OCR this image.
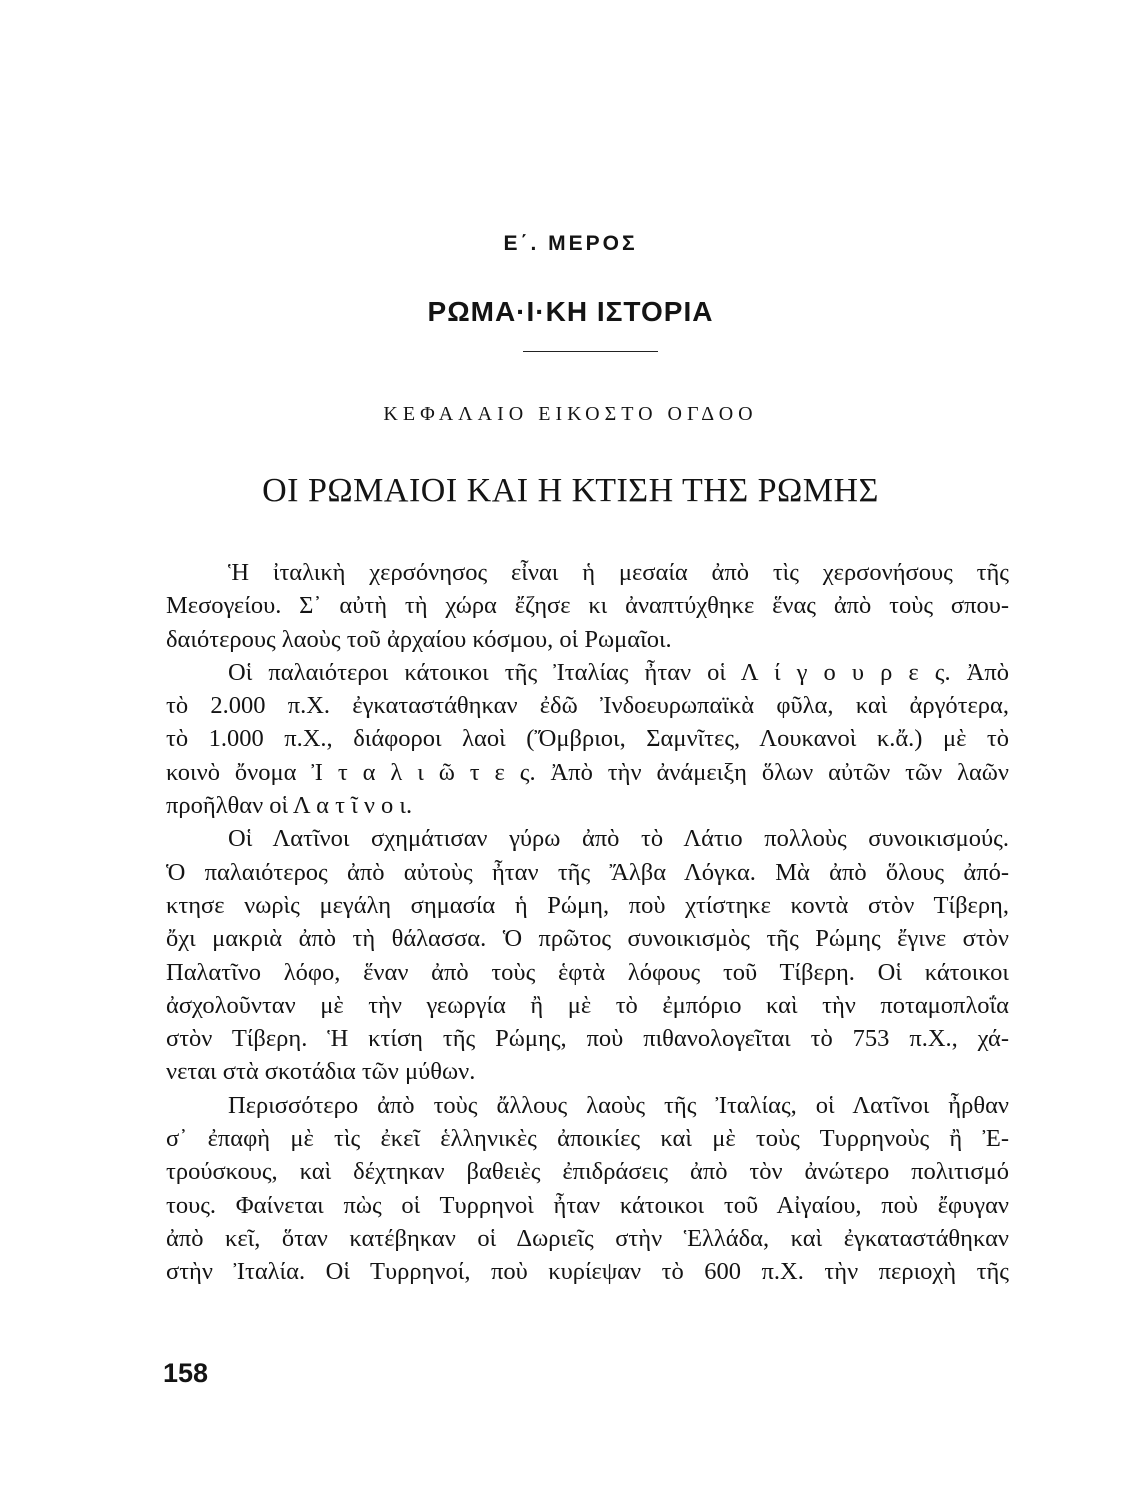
Ε΄. ΜΕΡΟΣ
ΡΩΜΑ·Ι·ΚΗ ΙΣΤΟΡΙΑ
ΚΕΦΑΛΑΙΟ ΕΙΚΟΣΤΟ ΟΓΔΟΟ
ΟΙ ΡΩΜΑΙΟΙ ΚΑΙ Η ΚΤΙΣΗ ΤΗΣ ΡΩΜΗΣ
Ἡ ἰταλικὴ χερσόνησος εἶναι ἡ μεσαία ἀπὸ τὶς χερσονήσους τῆς
Μεσογείου. Σ᾽ αὐτὴ τὴ χώρα ἔζησε κι ἀναπτύχθηκε ἕνας ἀπὸ τοὺς σπου-
δαιότερους λαοὺς τοῦ ἀρχαίου κόσμου, οἱ Ρωμαῖοι.
Οἱ παλαιότεροι κάτοικοι τῆς Ἰταλίας ἦταν οἱ Λ ί γ ο υ ρ ε ς. Ἀπὸ
τὸ 2.000 π.Χ. ἐγκαταστάθηκαν ἐδῶ Ἰνδοευρωπαϊκὰ φῦλα, καὶ ἀργότερα,
τὸ 1.000 π.Χ., διάφοροι λαοὶ (Ὄμβριοι, Σαμνῖτες, Λουκανοὶ κ.ἄ.) μὲ τὸ
κοινὸ ὄνομα Ἰ τ α λ ι ῶ τ ε ς. Ἀπὸ τὴν ἀνάμειξη ὅλων αὐτῶν τῶν λαῶν
προῆλθαν οἱ Λ α τ ῖ ν ο ι.
Οἱ Λατῖνοι σχημάτισαν γύρω ἀπὸ τὸ Λάτιο πολλοὺς συνοικισμούς.
Ὁ παλαιότερος ἀπὸ αὐτοὺς ἦταν τῆς Ἄλβα Λόγκα. Μὰ ἀπὸ ὅλους ἀπό-
κτησε νωρὶς μεγάλη σημασία ἡ Ρώμη, ποὺ χτίστηκε κοντὰ στὸν Τίβερη,
ὄχι μακριὰ ἀπὸ τὴ θάλασσα. Ὁ πρῶτος συνοικισμὸς τῆς Ρώμης ἔγινε στὸν
Παλατῖνο λόφο, ἕναν ἀπὸ τοὺς ἑφτὰ λόφους τοῦ Τίβερη. Οἱ κάτοικοι
ἀσχολοῦνταν μὲ τὴν γεωργία ἢ μὲ τὸ ἐμπόριο καὶ τὴν ποταμοπλοΐα
στὸν Τίβερη. Ἡ κτίση τῆς Ρώμης, ποὺ πιθανολογεῖται τὸ 753 π.Χ., χά-
νεται στὰ σκοτάδια τῶν μύθων.
Περισσότερο ἀπὸ τοὺς ἄλλους λαοὺς τῆς Ἰταλίας, οἱ Λατῖνοι ἦρθαν
σ᾽ ἐπαφὴ μὲ τὶς ἐκεῖ ἑλληνικὲς ἀποικίες καὶ μὲ τοὺς Τυρρηνοὺς ἢ Ἐ-
τρούσκους, καὶ δέχτηκαν βαθειὲς ἐπιδράσεις ἀπὸ τὸν ἀνώτερο πολιτισμό
τους. Φαίνεται πὼς οἱ Τυρρηνοὶ ἦταν κάτοικοι τοῦ Αἰγαίου, ποὺ ἔφυγαν
ἀπὸ κεῖ, ὅταν κατέβηκαν οἱ Δωριεῖς στὴν Ἑλλάδα, καὶ ἐγκαταστάθηκαν
στὴν Ἰταλία. Οἱ Τυρρηνοί, ποὺ κυρίεψαν τὸ 600 π.Χ. τὴν περιοχὴ τῆς
158
